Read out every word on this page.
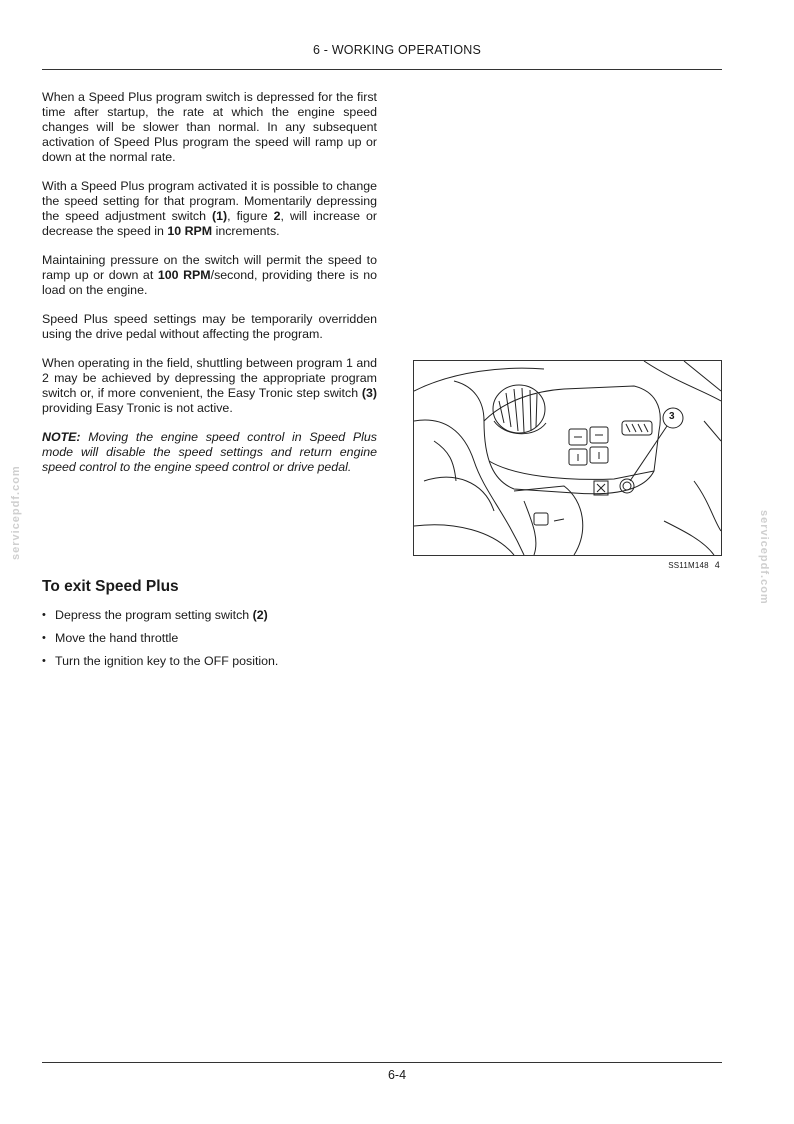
6 - WORKING OPERATIONS

When a Speed Plus program switch is depressed for the first time after startup, the rate at which the engine speed changes will be slower than normal. In any subsequent activation of Speed Plus program the speed will ramp up or down at the normal rate.

With a Speed Plus program activated it is possible to change the speed setting for that program. Momentarily depressing the speed adjustment switch (1), figure 2, will increase or decrease the speed in 10 RPM increments.

Maintaining pressure on the switch will permit the speed to ramp up or down at 100 RPM/second, providing there is no load on the engine.

Speed Plus speed settings may be temporarily overridden using the drive pedal without affecting the program.

When operating in the field, shuttling between program 1 and 2 may be achieved by depressing the appropriate program switch or, if more convenient, the Easy Tronic step switch (3) providing Easy Tronic is not active.

NOTE: Moving the engine speed control in Speed Plus mode will disable the speed settings and return engine speed control to the engine speed control or drive pedal.

3
SS11M148 4
To exit Speed Plus
• Depress the program setting switch (2)
• Move the hand throttle
• Turn the ignition key to the OFF position.
servicepdf.com	servicepdf.com
6-4
